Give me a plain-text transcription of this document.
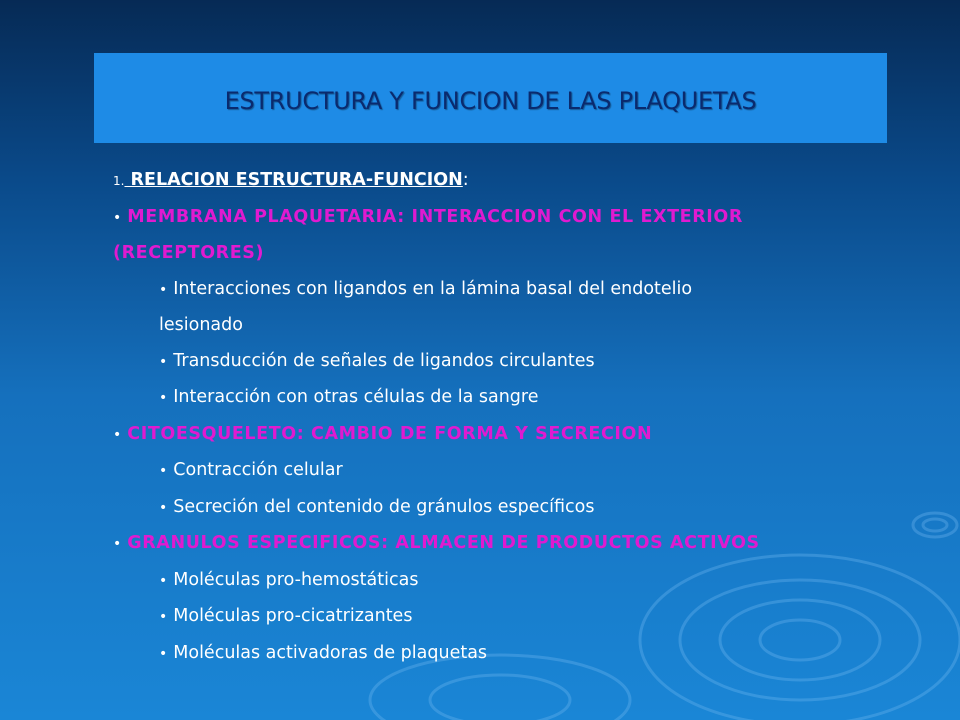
ESTRUCTURA Y FUNCION DE LAS PLAQUETAS
1. RELACION ESTRUCTURA-FUNCION:
• MEMBRANA PLAQUETARIA: INTERACCION CON EL EXTERIOR
(RECEPTORES)
• Interacciones con ligandos en la lámina basal del endotelio
lesionado
• Transducción de señales de ligandos circulantes
• Interacción con otras células de la sangre
• CITOESQUELETO: CAMBIO DE FORMA Y SECRECION
• Contracción celular
• Secreción del contenido de gránulos específicos
• GRANULOS ESPECIFICOS: ALMACEN DE PRODUCTOS ACTIVOS
• Moléculas pro-hemostáticas
• Moléculas pro-cicatrizantes
• Moléculas activadoras de plaquetas
